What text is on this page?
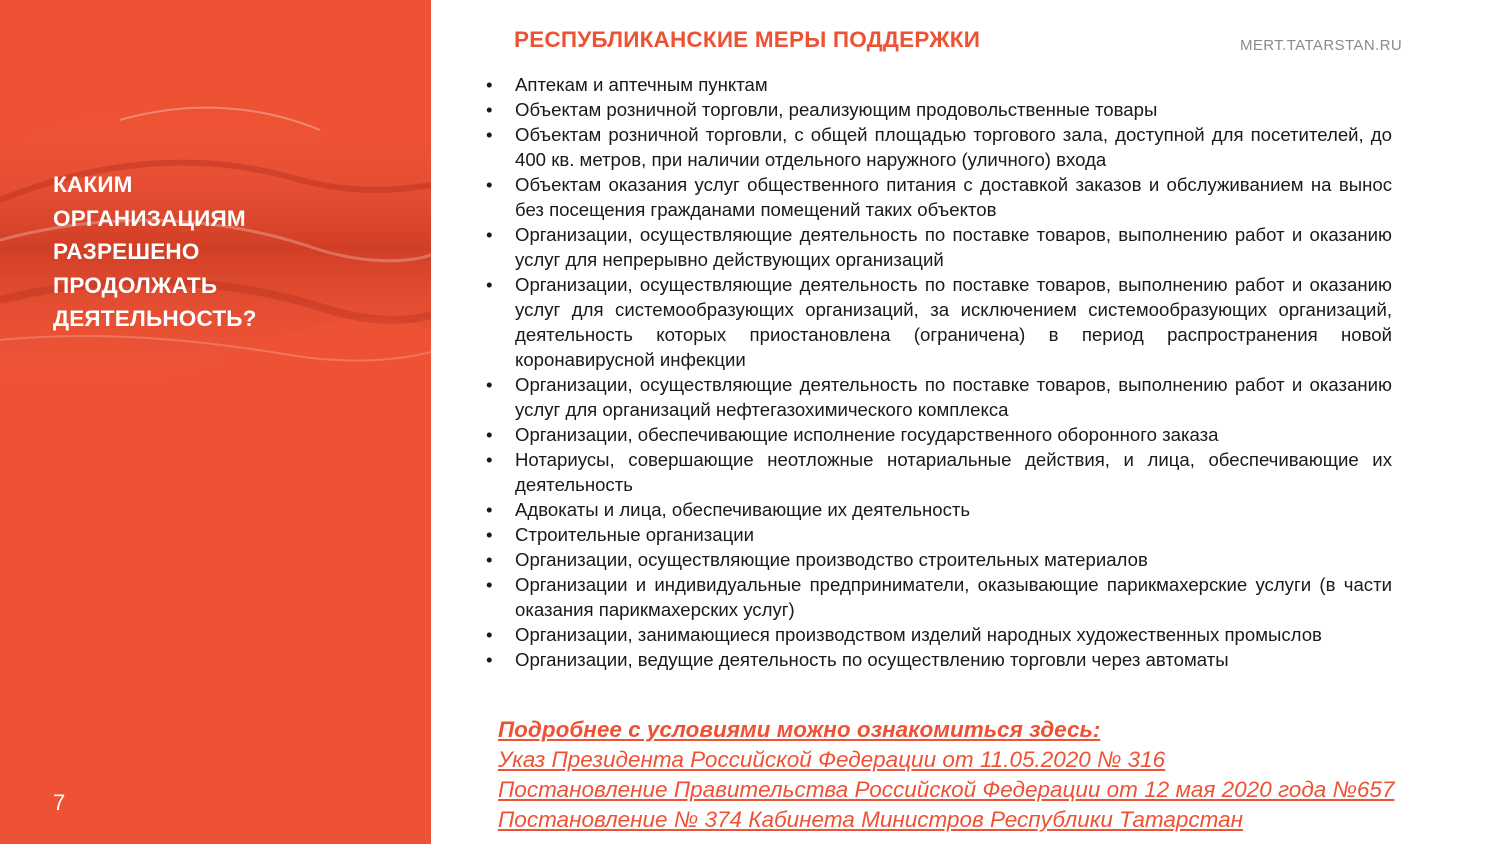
КАКИМ
ОРГАНИЗАЦИЯМ
РАЗРЕШЕНО
ПРОДОЛЖАТЬ
ДЕЯТЕЛЬНОСТЬ?
7
РЕСПУБЛИКАНСКИЕ МЕРЫ ПОДДЕРЖКИ	MERT.TATARSTAN.RU
• Аптекам и аптечным пунктам
• Объектам розничной торговли, реализующим продовольственные товары
• Объектам розничной торговли, с общей площадью торгового зала, доступной для посетителей, до 400 кв. метров, при наличии отдельного наружного (уличного) входа
• Объектам оказания услуг общественного питания с доставкой заказов и обслуживанием на вынос без посещения гражданами помещений таких объектов
• Организации, осуществляющие деятельность по поставке товаров, выполнению работ и оказанию услуг для непрерывно действующих организаций
• Организации, осуществляющие деятельность по поставке товаров, выполнению работ и оказанию услуг для системообразующих организаций, за исключением системообразующих организаций, деятельность которых приостановлена (ограничена) в период распространения новой коронавирусной инфекции
• Организации, осуществляющие деятельность по поставке товаров, выполнению работ и оказанию услуг для организаций нефтегазохимического комплекса
• Организации, обеспечивающие исполнение государственного оборонного заказа
• Нотариусы, совершающие неотложные нотариальные действия, и лица, обеспечивающие их деятельность
• Адвокаты и лица, обеспечивающие их деятельность
• Строительные организации
• Организации, осуществляющие производство строительных материалов
• Организации и индивидуальные предприниматели, оказывающие парикмахерские услуги (в части оказания парикмахерских услуг)
• Организации, занимающиеся производством изделий народных художественных промыслов
• Организации, ведущие деятельность по осуществлению торговли через автоматы
Подробнее с условиями можно ознакомиться здесь:
Указ Президента Российской Федерации от 11.05.2020 № 316
Постановление Правительства Российской Федерации от 12 мая 2020 года №657
Постановление № 374 Кабинета Министров Республики Татарстан
